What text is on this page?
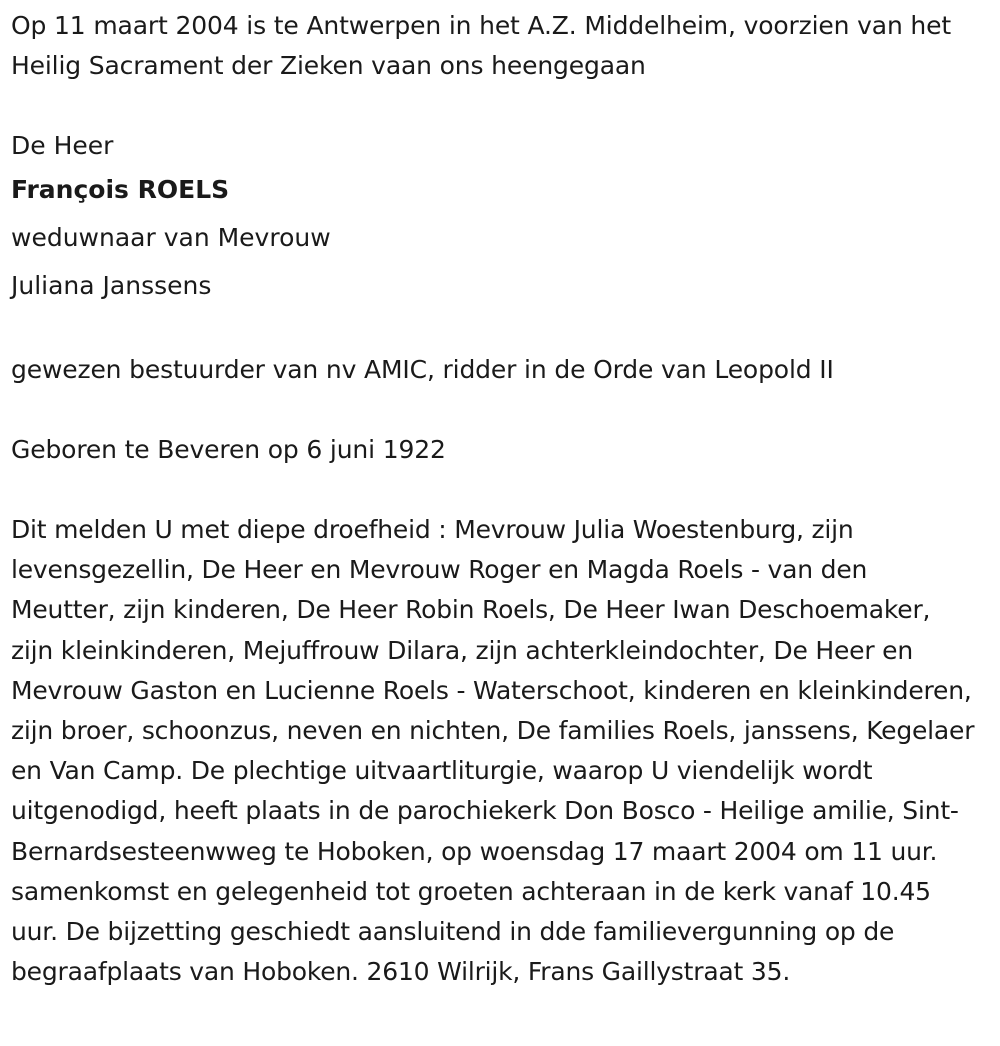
Op 11 maart 2004 is te Antwerpen in het A.Z. Middelheim, voorzien van het Heilig Sacrament der Zieken vaan ons heengegaan

De Heer
François ROELS
weduwnaar van Mevrouw
Juliana Janssens

gewezen bestuurder van nv AMIC, ridder in de Orde van Leopold II

Geboren te Beveren op 6 juni 1922

Dit melden U met diepe droefheid : Mevrouw Julia Woestenburg, zijn levensgezellin, De Heer en Mevrouw Roger en Magda Roels - van den Meutter, zijn kinderen, De Heer Robin Roels, De Heer Iwan Deschoemaker, zijn kleinkinderen, Mejuffrouw Dilara, zijn achterkleindochter, De Heer en Mevrouw Gaston en Lucienne Roels - Waterschoot, kinderen en kleinkinderen, zijn broer, schoonzus, neven en nichten, De families Roels, janssens, Kegelaer en Van Camp. De plechtige uitvaartliturgie, waarop U viendelijk wordt uitgenodigd, heeft plaats in de parochiekerk Don Bosco - Heilige amilie, Sint-Bernardsesteenwweg te Hoboken, op woensdag 17 maart 2004 om 11 uur. samenkomst en gelegenheid tot groeten achteraan in de kerk vanaf 10.45 uur. De bijzetting geschiedt aansluitend in dde familievergunning op de begraafplaats van Hoboken. 2610 Wilrijk, Frans Gaillystraat 35.
